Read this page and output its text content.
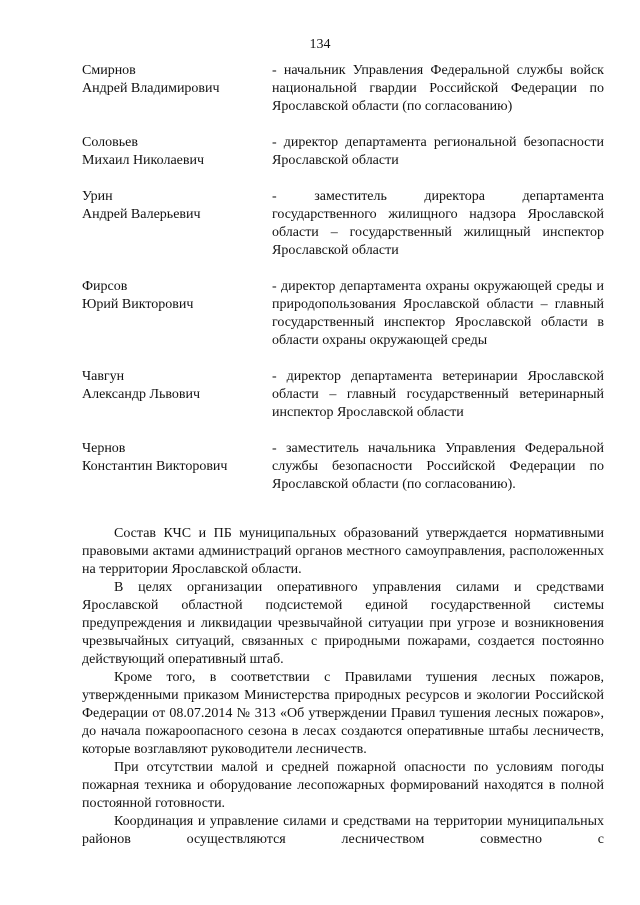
134
Смирнов
Андрей Владимирович
- начальник Управления Федеральной службы войск национальной гвардии Российской Федерации по Ярославской области (по согласованию)
Соловьев
Михаил Николаевич
- директор департамента региональной безопасности Ярославской области
Урин
Андрей Валерьевич
- заместитель директора департамента государственного жилищного надзора Ярославской области – государственный жилищный инспектор Ярославской области
Фирсов
Юрий Викторович
- директор департамента охраны окружающей среды и природопользования Ярославской области – главный государственный инспектор Ярославской области в области охраны окружающей среды
Чавгун
Александр Львович
- директор департамента ветеринарии Ярославской области – главный государственный ветеринарный инспектор Ярославской области
Чернов
Константин Викторович
- заместитель начальника Управления Федеральной службы безопасности Российской Федерации по Ярославской области (по согласованию).

Состав КЧС и ПБ муниципальных образований утверждается нормативными правовыми актами администраций органов местного самоуправления, расположенных на территории Ярославской области.

В целях организации оперативного управления силами и средствами Ярославской областной подсистемой единой государственной системы предупреждения и ликвидации чрезвычайной ситуации при угрозе и возникновения чрезвычайных ситуаций, связанных с природными пожарами, создается постоянно действующий оперативный штаб.

Кроме того, в соответствии с Правилами тушения лесных пожаров, утвержденными приказом Министерства природных ресурсов и экологии Российской Федерации от 08.07.2014 № 313 «Об утверждении Правил тушения лесных пожаров», до начала пожароопасного сезона в лесах создаются оперативные штабы лесничеств, которые возглавляют руководители лесничеств.

При отсутствии малой и средней пожарной опасности по условиям погоды пожарная техника и оборудование лесопожарных формирований находятся в полной постоянной готовности.

Координация и управление силами и средствами на территории муниципальных районов осуществляются лесничеством совместно с
